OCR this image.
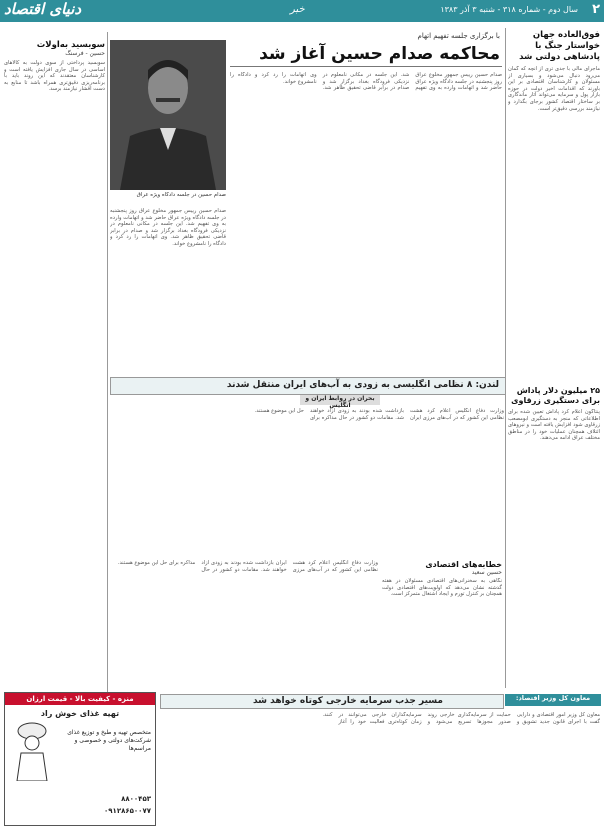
۲
سال دوم - شماره ۳۱۸ - شنبه ۳ آذر ۱۳۸۳
خبر
دنیای اقتصاد
فوق‌العاده جهان خواستار جنگ با پادشاهی دولتی شد
ماجرای مالی با جدی تری از آنچه که گمان می‌رود دنبال می‌شود و بسیاری از مسئولان و کارشناسان اقتصادی بر این باورند که اقدامات اخیر دولت در حوزه بازار پول و سرمایه می‌تواند آثار ماندگاری بر ساختار اقتصاد کشور برجای بگذارد و نیازمند بررسی دقیق‌تر است.
۲۵ میلیون دلار پاداش برای دستگیری زرقاوی
پنتاگون اعلام کرد پاداش تعیین شده برای اطلاعاتی که منجر به دستگیری ابومصعب زرقاوی شود افزایش یافته است و نیروهای ائتلاف همچنان عملیات خود را در مناطق مختلف عراق ادامه می‌دهند.
با برگزاری جلسه تفهیم اتهام
محاکمه صدام حسین آغاز شد
صدام حسین رییس جمهور مخلوع عراق روز پنجشنبه در جلسه دادگاه ویژه عراق حاضر شد و اتهامات وارده به وی تفهیم شد. این جلسه در مکانی نامعلوم در نزدیکی فرودگاه بغداد برگزار شد و صدام در برابر قاضی تحقیق ظاهر شد. وی اتهامات را رد کرد و دادگاه را نامشروع خواند.
صدام حسین در جلسه دادگاه ویژه عراق
صدام حسین رییس جمهور مخلوع عراق روز پنجشنبه در جلسه دادگاه ویژه عراق حاضر شد و اتهامات وارده به وی تفهیم شد. این جلسه در مکانی نامعلوم در نزدیکی فرودگاه بغداد برگزار شد و صدام در برابر قاضی تحقیق ظاهر شد. وی اتهامات را رد کرد و دادگاه را نامشروع خواند.
سوبسید به‌اولات
حسین - فرسنگ
سوبسید پرداختی از سوی دولت به کالاهای اساسی در سال جاری افزایش یافته است و کارشناسان معتقدند که این روند باید با برنامه‌ریزی دقیق‌تری همراه باشد تا منابع به دست اقشار نیازمند برسد.
لندن: ۸ نظامی انگلیسی به زودی به آب‌های ایران منتقل شدند
بحران در روابط ایران و انگلیس
وزارت دفاع انگلیس اعلام کرد هشت نظامی این کشور که در آب‌های مرزی ایران بازداشت شده بودند به زودی آزاد خواهند شد. مقامات دو کشور در حال مذاکره برای حل این موضوع هستند.
خطابه‌های اقتصادی
حسین سعید
نگاهی به سخنرانی‌های اقتصادی مسئولان در هفته گذشته نشان می‌دهد که اولویت‌های اقتصادی دولت همچنان بر کنترل تورم و ایجاد اشتغال متمرکز است.
وزارت دفاع انگلیس اعلام کرد هشت نظامی این کشور که در آب‌های مرزی ایران بازداشت شده بودند به زودی آزاد خواهند شد. مقامات دو کشور در حال مذاکره برای حل این موضوع هستند.
منزه - کیفیت بالا - قیمت ارزان
تهیه غذای خوش راد
متخصص تهیه و طبخ و توزیع غذای شرکت‌های دولتی و خصوصی و مراسم‌ها
۸۸۰۰۴۵۳
۰۹۱۲۸۶۵۰۰۷۷
معاون کل وزیر اقتصاد:
مسیر جذب سرمایه خارجی کوتاه خواهد شد
معاون کل وزیر امور اقتصادی و دارایی گفت با اجرای قانون جدید تشویق و حمایت از سرمایه‌گذاری خارجی روند صدور مجوزها تسریع می‌شود و سرمایه‌گذاران خارجی می‌توانند در زمان کوتاه‌تری فعالیت خود را آغاز کنند.
